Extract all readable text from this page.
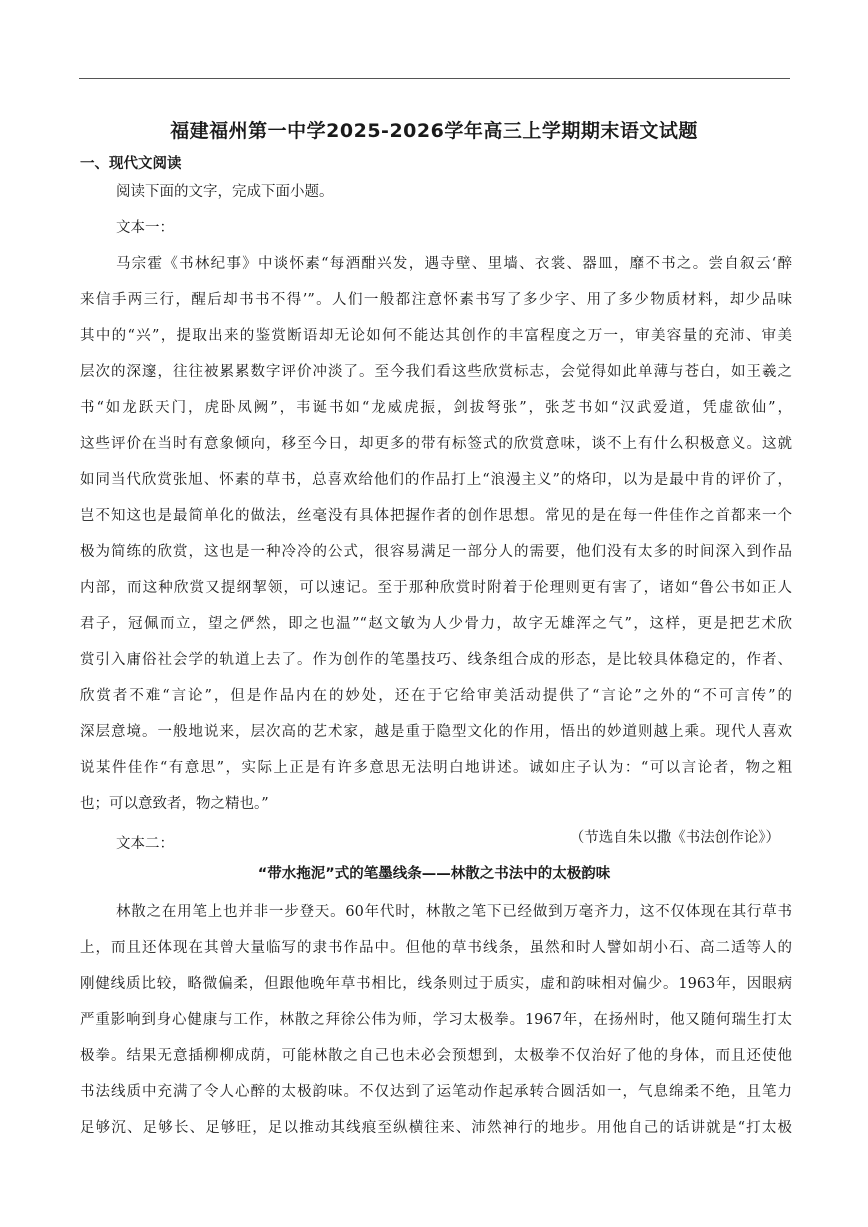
福建福州第一中学2025-2026学年高三上学期期末语文试题
一、现代文阅读
阅读下面的文字，完成下面小题。
文本一：
马宗霍《书林纪事》中谈怀素“每酒酣兴发，遇寺壁、里墙、衣裳、器皿，靡不书之。尝自叙云‘醉
来信手两三行，醒后却书书不得’”。人们一般都注意怀素书写了多少字、用了多少物质材料，却少品味
其中的“兴”，提取出来的鉴赏断语却无论如何不能达其创作的丰富程度之万一，审美容量的充沛、审美
层次的深邃，往往被累累数字评价冲淡了。至今我们看这些欣赏标志，会觉得如此单薄与苍白，如王羲之
书“如龙跃天门，虎卧凤阙”，韦诞书如“龙威虎振，剑拔弩张”，张芝书如“汉武爱道，凭虚欲仙”，
这些评价在当时有意象倾向，移至今日，却更多的带有标签式的欣赏意味，谈不上有什么积极意义。这就
如同当代欣赏张旭、怀素的草书，总喜欢给他们的作品打上“浪漫主义”的烙印，以为是最中肯的评价了，
岂不知这也是最简单化的做法，丝毫没有具体把握作者的创作思想。常见的是在每一件佳作之首都来一个
极为简练的欣赏，这也是一种冷冷的公式，很容易满足一部分人的需要，他们没有太多的时间深入到作品
内部，而这种欣赏又提纲挈领，可以速记。至于那种欣赏时附着于伦理则更有害了，诸如“鲁公书如正人
君子，冠佩而立，望之俨然，即之也温”“赵文敏为人少骨力，故字无雄浑之气”，这样，更是把艺术欣
赏引入庸俗社会学的轨道上去了。作为创作的笔墨技巧、线条组合成的形态，是比较具体稳定的，作者、
欣赏者不难“言论”，但是作品内在的妙处，还在于它给审美活动提供了“言论”之外的“不可言传”的
深层意境。一般地说来，层次高的艺术家，越是重于隐型文化的作用，悟出的妙道则越上乘。现代人喜欢
说某件佳作“有意思”，实际上正是有许多意思无法明白地讲述。诚如庄子认为：“可以言论者，物之粗
也；可以意致者，物之精也。”
（节选自朱以撒《书法创作论》）
文本二：
“带水拖泥”式的笔墨线条——林散之书法中的太极韵味
林散之在用笔上也并非一步登天。60年代时，林散之笔下已经做到万毫齐力，这不仅体现在其行草书
上，而且还体现在其曾大量临写的隶书作品中。但他的草书线条，虽然和时人譬如胡小石、高二适等人的
刚健线质比较，略微偏柔，但跟他晚年草书相比，线条则过于质实，虚和韵味相对偏少。1963年，因眼病
严重影响到身心健康与工作，林散之拜徐公伟为师，学习太极拳。1967年，在扬州时，他又随何瑞生打太
极拳。结果无意插柳柳成荫，可能林散之自己也未必会预想到，太极拳不仅治好了他的身体，而且还使他
书法线质中充满了令人心醉的太极韵味。不仅达到了运笔动作起承转合圆活如一，气息绵柔不绝，且笔力
足够沉、足够长、足够旺，足以推动其线痕至纵横往来、沛然神行的地步。用他自己的话讲就是“打太极
